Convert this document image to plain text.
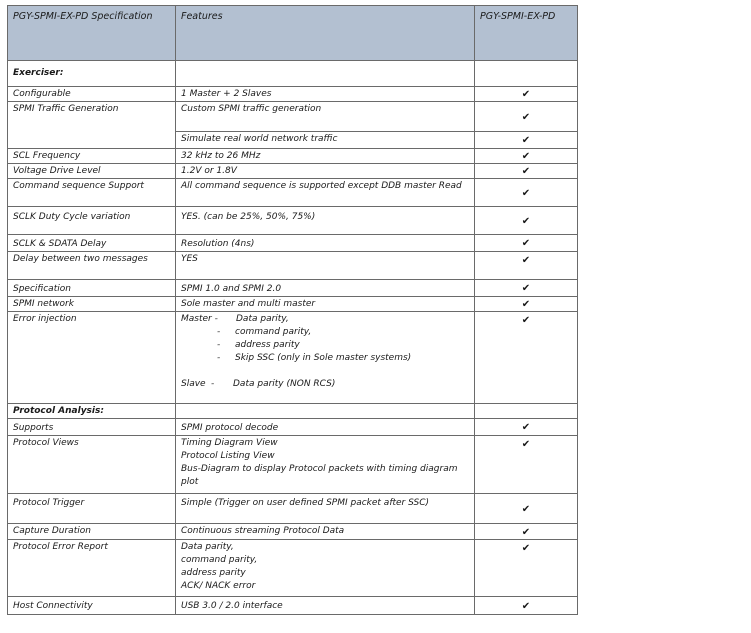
PGY-SPMI-EX-PD Specification	Features	PGY-SPMI-EX-PD
Exerciser:		
Configurable	1 Master + 2 Slaves	✔
SPMI Traffic Generation	Custom SPMI traffic generation	✔
	Simulate real world network traffic	✔
SCL Frequency	32 kHz to 26 MHz	✔
Voltage Drive Level	1.2V or 1.8V	✔
Command sequence Support	All command sequence is supported except DDB master Read	✔
SCLK Duty Cycle variation	YES. (can be 25%, 50%, 75%)	✔
SCLK & SDATA Delay	Resolution (4ns)	✔
Delay between two messages	YES	✔
Specification	SPMI 1.0 and SPMI 2.0	✔
SPMI network	Sole master and multi master	✔
Error injection	Master - Data parity,
- command parity,
- address parity
- Skip SSC (only in Sole master systems)
Slave - Data parity (NON RCS)	✔
Protocol Analysis:		
Supports	SPMI protocol decode	✔
Protocol Views	Timing Diagram View
Protocol Listing View
Bus-Diagram to display Protocol packets with timing diagram
plot	✔
Protocol Trigger	Simple (Trigger on user defined SPMI packet after SSC)	✔
Capture Duration	Continuous streaming Protocol Data	✔
Protocol Error Report	Data parity,
command parity,
address parity
ACK/ NACK error	✔
Host Connectivity	USB 3.0 / 2.0 interface	✔
